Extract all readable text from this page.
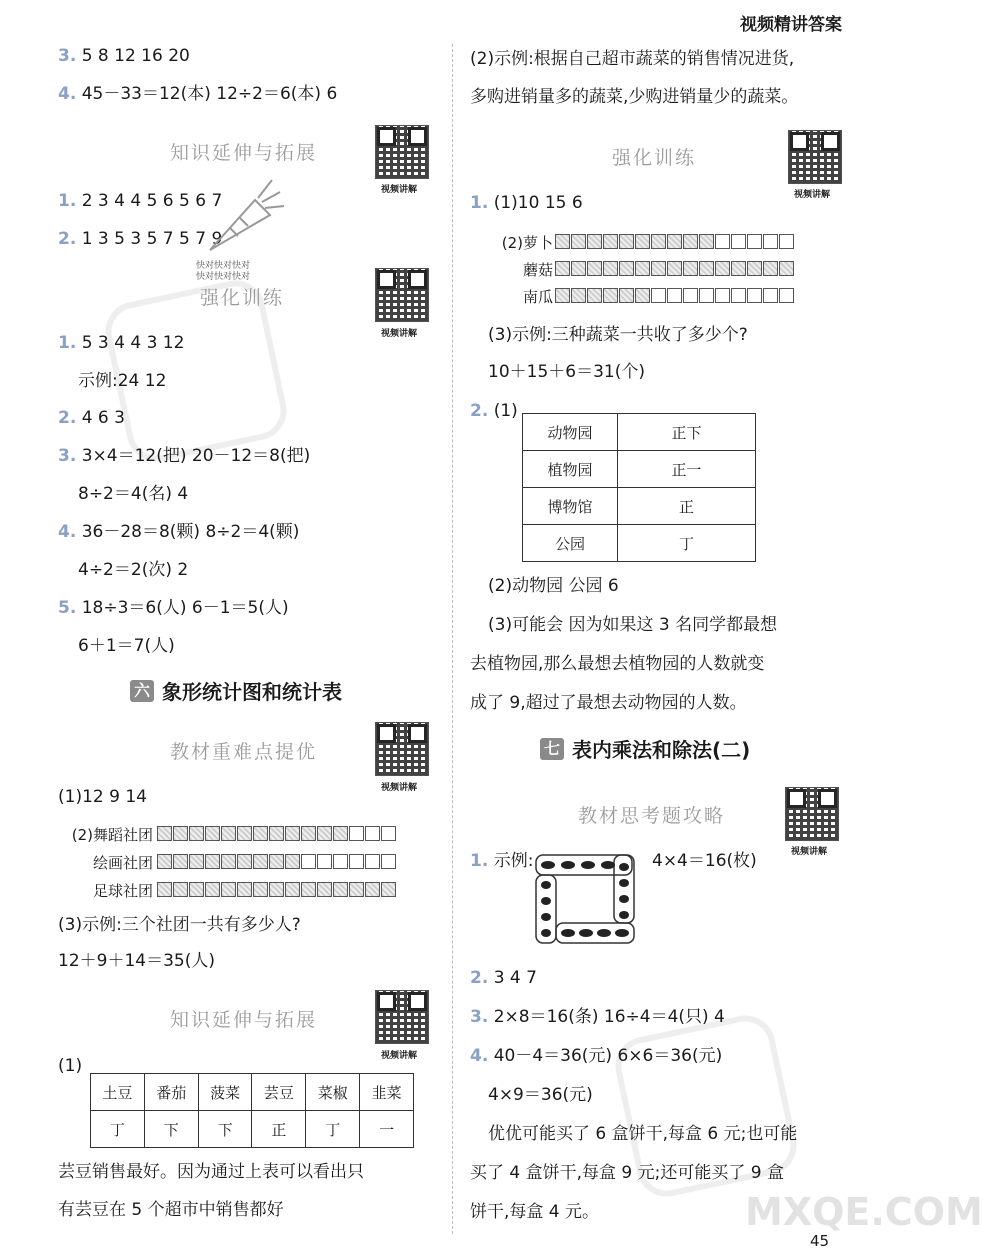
视频精讲答案
MXQE.COM
3. 5 8 12 16 20
4. 45－33＝12(本) 12÷2＝6(本) 6
知识延伸与拓展
视频讲解
1. 2 3 4 4 5 6 5 6 7
2. 1 3 5 3 5 7 5 7 9
快对快对快对
快对快对快对
强化训练
视频讲解
1. 5 3 4 4 3 12
示例:24 12
2. 4 6 3
3. 3×4＝12(把) 20－12＝8(把)
8÷2＝4(名) 4
4. 36－28＝8(颗) 8÷2＝4(颗)
4÷2＝2(次) 2
5. 18÷3＝6(人) 6－1＝5(人)
6＋1＝7(人)
六 象形统计图和统计表
教材重难点提优
视频讲解
(1)12 9 14
(2)舞蹈社团
绘画社团
足球社团
(3)示例:三个社团一共有多少人?
12＋9＋14＝35(人)
知识延伸与拓展
视频讲解
(1)
土豆	番茄	菠菜	芸豆	菜椒	韭菜
丁	下	下	正	丁	一
芸豆销售最好。因为通过上表可以看出只
有芸豆在 5 个超市中销售都好
(2)示例:根据自己超市蔬菜的销售情况进货,
多购进销量多的蔬菜,少购进销量少的蔬菜。
强化训练
视频讲解
1. (1)10 15 6
(2)萝卜
蘑菇
南瓜
(3)示例:三种蔬菜一共收了多少个?
10＋15＋6＝31(个)
2. (1)
动物园	正下
植物园	正一
博物馆	正
公园	丁
(2)动物园 公园 6
(3)可能会 因为如果这 3 名同学都最想
去植物园,那么最想去植物园的人数就变
成了 9,超过了最想去动物园的人数。
七 表内乘法和除法(二)
教材思考题攻略
视频讲解
1. 示例:	4×4＝16(枚)
2. 3 4 7
3. 2×8＝16(条) 16÷4＝4(只) 4
4. 40－4＝36(元) 6×6＝36(元)
4×9＝36(元)
优优可能买了 6 盒饼干,每盒 6 元;也可能
买了 4 盒饼干,每盒 9 元;还可能买了 9 盒
饼干,每盒 4 元。
45
